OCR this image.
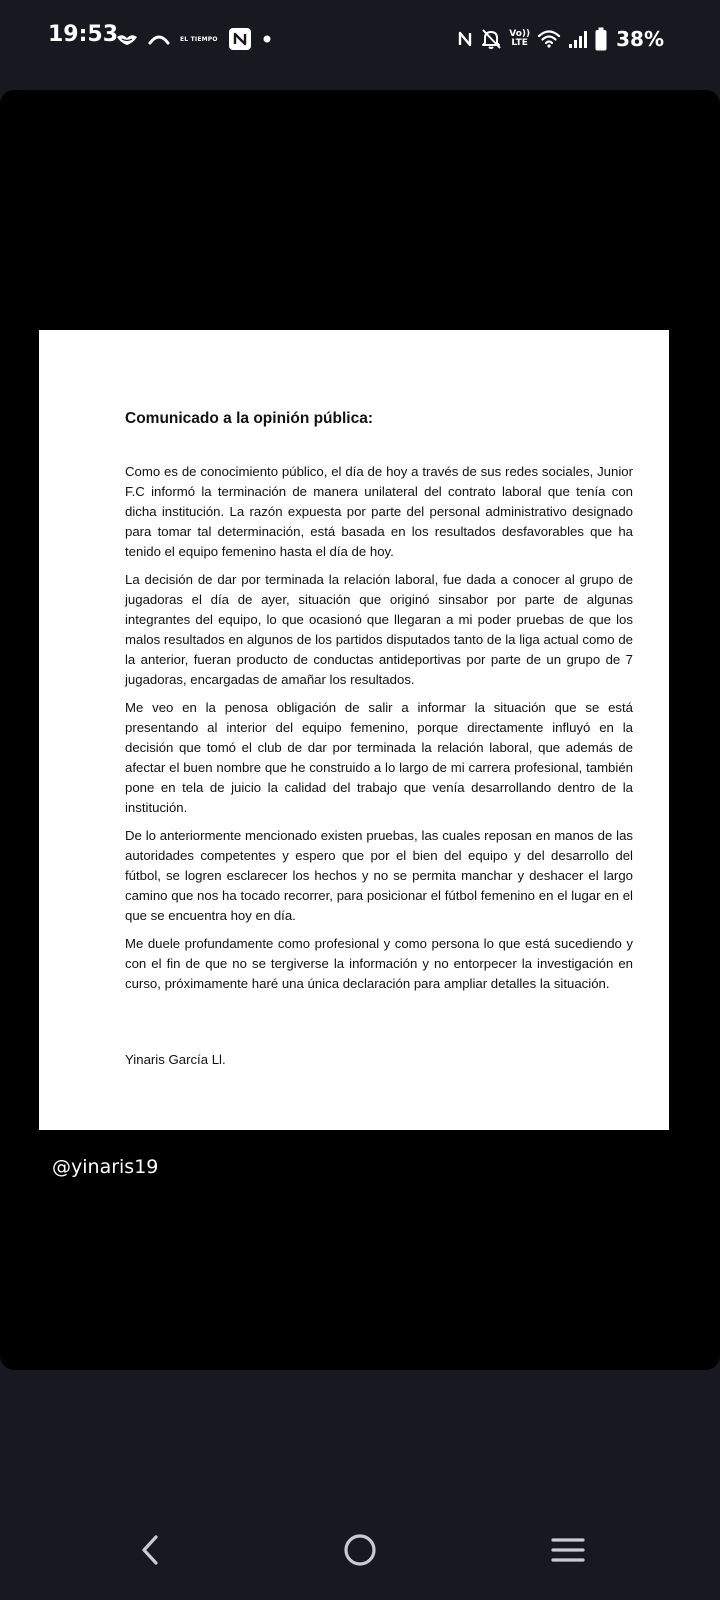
19:53	EL TIEMPO	Vo))
LTE	38%
Comunicado a la opinión pública:

Como es de conocimiento público, el día de hoy a través de sus redes sociales, Junior F.C informó la terminación de manera unilateral del contrato laboral que tenía con dicha institución. La razón expuesta por parte del personal administrativo designado para tomar tal determinación, está basada en los resultados desfavorables que ha tenido el equipo femenino hasta el día de hoy.

La decisión de dar por terminada la relación laboral, fue dada a conocer al grupo de jugadoras el día de ayer, situación que originó sinsabor por parte de algunas integrantes del equipo, lo que ocasionó que llegaran a mi poder pruebas de que los malos resultados en algunos de los partidos disputados tanto de la liga actual como de la anterior, fueran producto de conductas antideportivas por parte de un grupo de 7 jugadoras, encargadas de amañar los resultados.

Me veo en la penosa obligación de salir a informar la situación que se está presentando al interior del equipo femenino, porque directamente influyó en la decisión que tomó el club de dar por terminada la relación laboral, que además de afectar el buen nombre que he construido a lo largo de mi carrera profesional, también pone en tela de juicio la calidad del trabajo que venía desarrollando dentro de la institución.

De lo anteriormente mencionado existen pruebas, las cuales reposan en manos de las autoridades competentes y espero que por el bien del equipo y del desarrollo del fútbol, se logren esclarecer los hechos y no se permita manchar y deshacer el largo camino que nos ha tocado recorrer, para posicionar el fútbol femenino en el lugar en el que se encuentra hoy en día.

Me duele profundamente como profesional y como persona lo que está sucediendo y con el fin de que no se tergiverse la información y no entorpecer la investigación en curso, próximamente haré una única declaración para ampliar detalles la situación.

Yinaris García Ll.
@yinaris19
